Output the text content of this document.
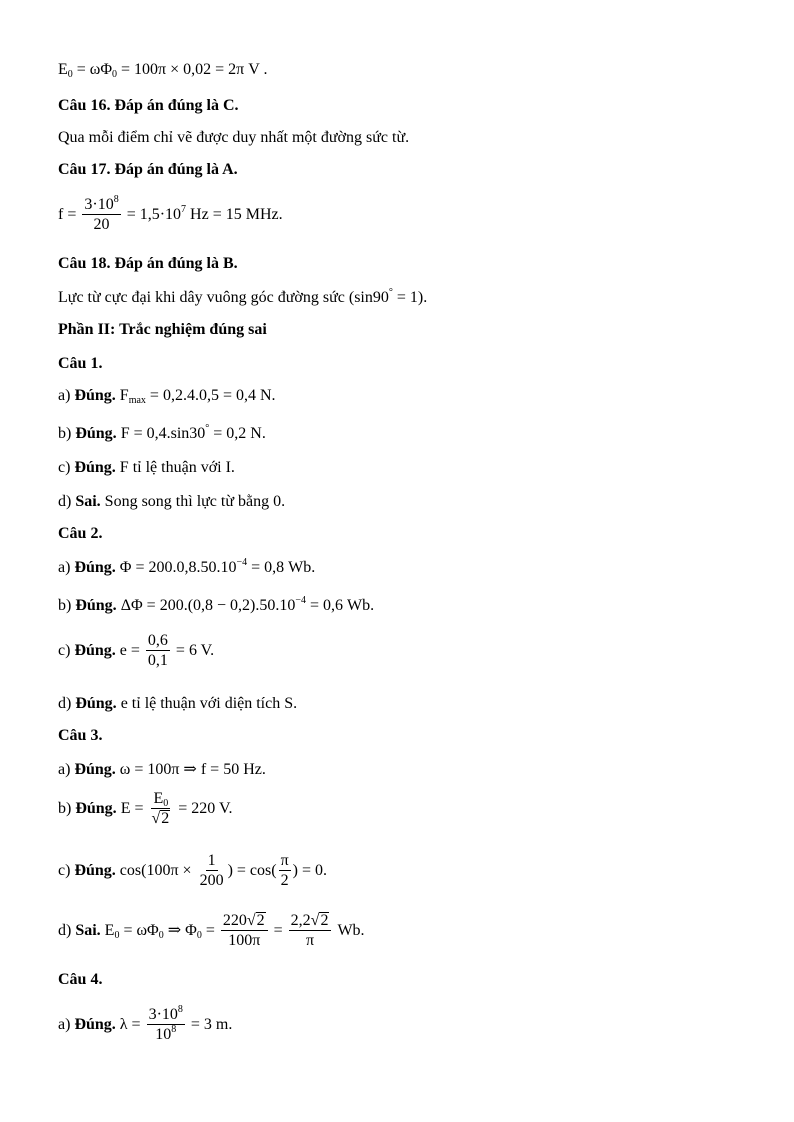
$E_0 = \omega\Phi_0 = 100\pi \times 0,02 = 2\pi$ V .
Câu 16. Đáp án đúng là C.
Qua mỗi điểm chỉ vẽ được duy nhất một đường sức từ.
Câu 17. Đáp án đúng là A.
$f = \frac{3\cdot 10^8}{20} = 1,5\cdot 10^7$ Hz = 15 MHz.
Câu 18. Đáp án đúng là B.
Lực từ cực đại khi dây vuông góc đường sức (sin90° = 1).
Phần II: Trắc nghiệm đúng sai
Câu 1.
a) Đúng. $F_{max} = 0,2.4.0,5 = 0,4$ N.
b) Đúng. F = 0,4.sin30° = 0,2 N.
c) Đúng. F tỉ lệ thuận với I.
d) Sai. Song song thì lực từ bằng 0.
Câu 2.
a) Đúng. $\Phi = 200.0,8.50.10^{-4} = 0,8$ Wb.
b) Đúng. $\Delta\Phi = 200.(0,8 - 0,2).50.10^{-4} = 0,6$ Wb.
c) Đúng. $e = \frac{0,6}{0,1} = 6$ V.
d) Đúng. e tỉ lệ thuận với diện tích S.
Câu 3.
a) Đúng. ω = 100π ⇒ f = 50 Hz.
b) Đúng. $E = \frac{E_0}{√2} = 220$ V.
c) Đúng. $\cos(100\pi \times \frac{1}{200}$ ) = $\cos( \frac{\pi}{2}$ ) = 0.
d) Sai. $E_0 = \omega\Phi_0$ ⇒ $\Phi_0 = \frac{220√2}{100\pi} = \frac{2,2√2}{\pi} Wb$.
Câu 4.
a) Đúng. $\lambda = \frac{3\cdot 10^8}{10^8} = 3$ m.
